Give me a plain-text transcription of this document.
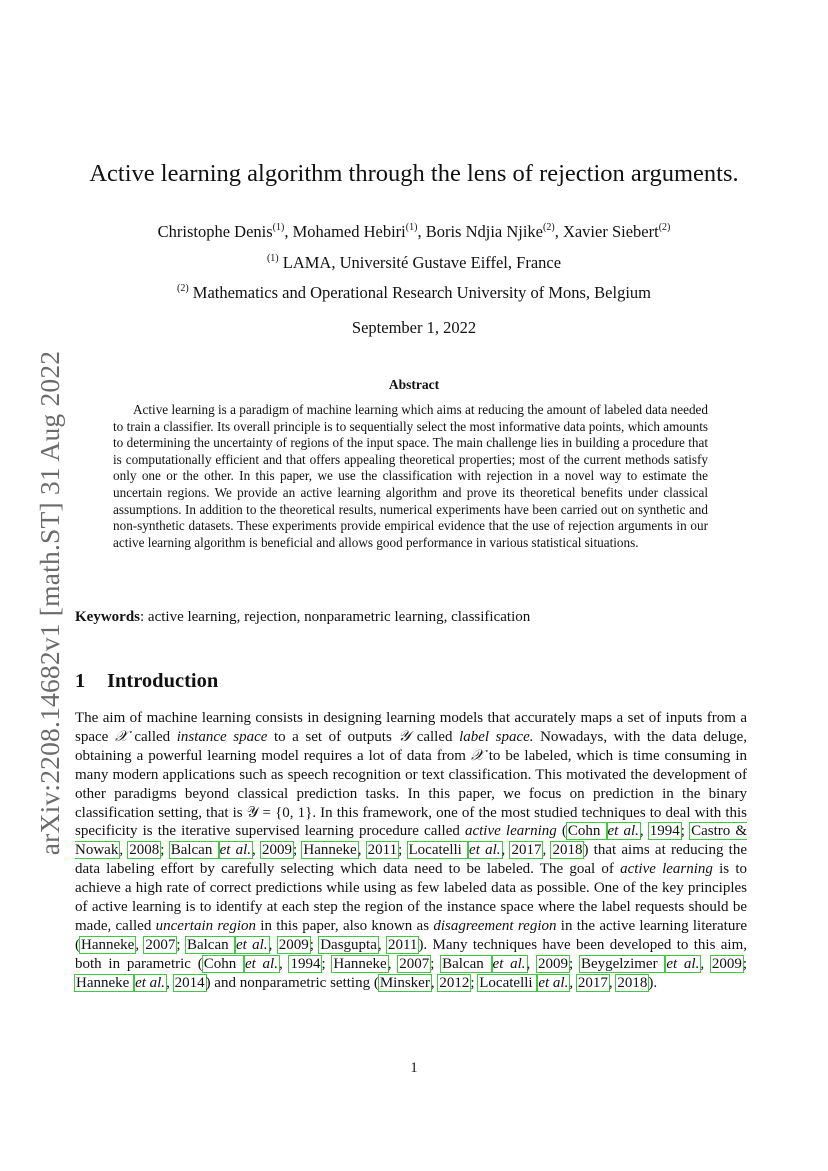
arXiv:2208.14682v1 [math.ST] 31 Aug 2022
Active learning algorithm through the lens of rejection arguments.
Christophe Denis$^{(1)}$, Mohamed Hebiri$^{(1)}$, Boris Ndjia Njike$^{(2)}$, Xavier Siebert$^{(2)}$
$^{(1)}$ LAMA, Université Gustave Eiffel, France
$^{(2)}$ Mathematics and Operational Research University of Mons, Belgium
September 1, 2022
Abstract

Active learning is a paradigm of machine learning which aims at reducing the amount of labeled data needed to train a classifier. Its overall principle is to sequentially select the most informative data points, which amounts to determining the uncertainty of regions of the input space. The main challenge lies in building a procedure that is computationally efficient and that offers appealing theoretical properties; most of the current methods satisfy only one or the other. In this paper, we use the classification with rejection in a novel way to estimate the uncertain regions. We provide an active learning algorithm and prove its theoretical benefits under classical assumptions. In addition to the theoretical results, numerical experiments have been carried out on synthetic and non-synthetic datasets. These experiments provide empirical evidence that the use of rejection arguments in our active learning algorithm is beneficial and allows good performance in various statistical situations.

Keywords: active learning, rejection, nonparametric learning, classification

1 Introduction

The aim of machine learning consists in designing learning models that accurately maps a set of inputs from a space 𝒳 called instance space to a set of outputs 𝒴 called label space. Nowadays, with the data deluge, obtaining a powerful learning model requires a lot of data from 𝒳 to be labeled, which is time consuming in many modern applications such as speech recognition or text classification. This motivated the development of other paradigms beyond classical prediction tasks. In this paper, we focus on prediction in the binary classification setting, that is 𝒴 = {0, 1}. In this framework, one of the most studied techniques to deal with this specificity is the iterative supervised learning procedure called active learning (Cohn et al., 1994; Castro & Nowak, 2008; Balcan et al., 2009; Hanneke, 2011; Locatelli et al., 2017, 2018) that aims at reducing the data labeling effort by carefully selecting which data need to be labeled. The goal of active learning is to achieve a high rate of correct predictions while using as few labeled data as possible. One of the key principles of active learning is to identify at each step the region of the instance space where the label requests should be made, called uncertain region in this paper, also known as disagreement region in the active learning literature (Hanneke, 2007; Balcan et al., 2009; Dasgupta, 2011). Many techniques have been developed to this aim, both in parametric (Cohn et al., 1994; Hanneke, 2007; Balcan et al., 2009; Beygelzimer et al., 2009; Hanneke et al., 2014) and nonparametric setting (Minsker, 2012; Locatelli et al., 2017, 2018).

1
